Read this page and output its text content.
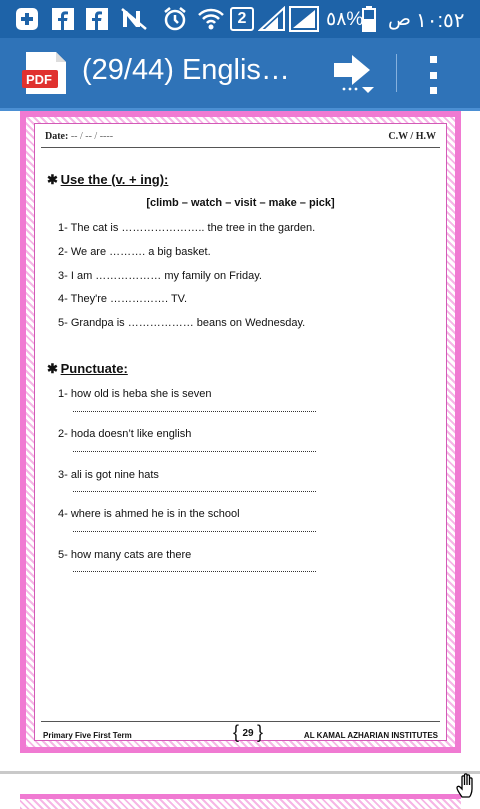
2	٥٨% ص ١٠:٥٢
PDF (29/44) Englis…
Date: -- / -- / ----	C.W / H.W
✱ Use the (v. + ing):
[climb – watch – visit – make – pick]
1- The cat is ………………….. the tree in the garden.
2- We are ………. a big basket.
3- I am ……………… my family on Friday.
4- They're ……………. TV.
5- Grandpa is ……………… beans on Wednesday.
✱ Punctuate:
1- how old is heba she is seven
2- hoda doesn’t like english
3- ali is got nine hats
4- where is ahmed he is in the school
5- how many cats are there
Primary Five First Term
{	29 }	AL KAMAL AZHARIAN INSTITUTES
